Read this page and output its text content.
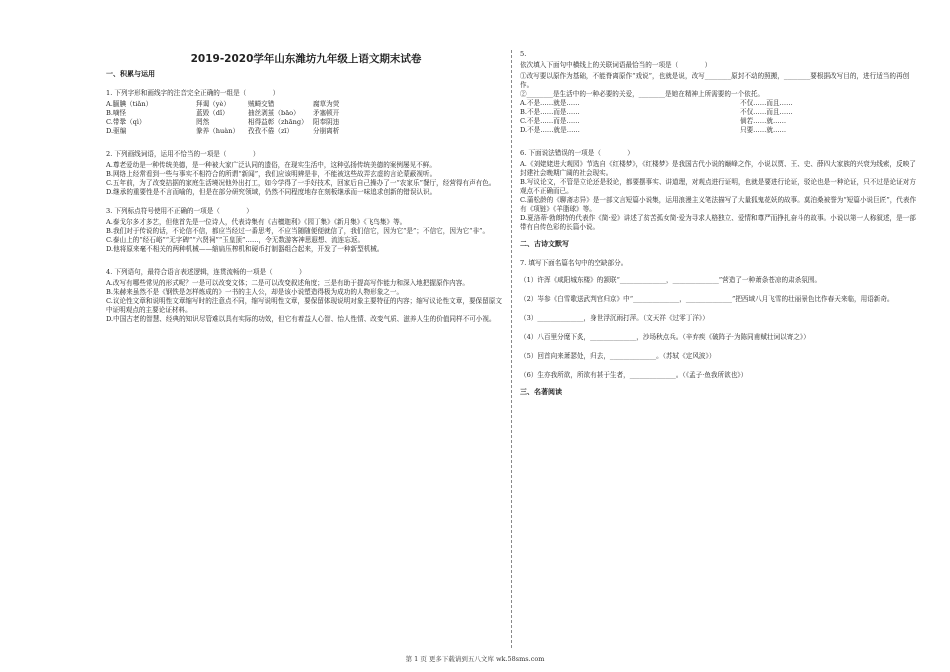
2019-2020学年山东潍坊九年级上语文期末试卷
一、积累与运用
1. 下列字形和画线字的注音完全正确的一组是（　　　　）
A.腼腆（tiǎn）	拜谒（yè）	贼畸交错	腐草为荧
B.嘀怪	蓝毁（dǐ）	抽丝剥茧（bāo）	矛塞顿开
C.带鞏（qì）	罔然	相得益彰（zhāng） 阳奉阴违
D.驱编	豢养（huàn）	孜孜不倦（zī）	分崩离析
2. 下列画线词语，运用不恰当的一项是（　　　　）
A.尊老爱幼是一种传统美德，是一种被大家广泛认同的遗俗，在现实生活中，这种弘扬传统美德的案例屡见不鲜。
B.网络上经常看到一些与事实不相符合的所谓“新闻”，我们应该明辨是非，不能被这些故弄玄虚的言论蒙蔽视听。
C.五年前，为了改变拮据的家庭生活境况他外出打工，如今学得了一手好技术，回家后自己操办了一“农家乐”餐厅，经营得有声有色。
D.继承的重要性是不言而喻的，但是在部分研究领域，仍然不同程度地存在刻板继承而一味追求创新的错误认识。
3. 下列标点符号使用不正确的一项是（　　　　）
A.泰戈尔多才多艺，但他首先是一位诗人，代表诗集有《吉檀迦利》《园丁集》《新月集》《飞鸟集》等。
B.我们对于传说的话，不论信不信，都应当经过一番思考，不应当随随便便就信了，我们信它，因为它“是”；不信它，因为它“非”。
C.泰山上的“经石峪”“无字碑”“六贤祠”“玉皇顶”……，令无数游客神思遐想、流连忘返。
D.他将原来毫不相关的两种机械——缩扁压榨机和硬币打制器组合起来，开发了一种新型机械。
4. 下列语句，最符合语言表述逻辑，连贯流畅的一项是（　　　　）
A.改写有哪些常见的形式呢？一是可以改变文体；二是可以改变叙述角度；三是有助于提高写作能力和深入地把握原作内容。
B.朱赫来虽然不是《钢铁是怎样炼成的》一书的主人公，却是该小说塑造得极为成功的人物形象之一。
C.议论性文章和说明性文章缩写时的注意点不同，缩写说明性文章，要保留体现说明对象主要特征的内容；缩写议论性文章，要保留原文中证明观点的主要论证材料。
D.中国古老的智慧、经典的知识尽管难以具有实际的功效，但它有着益人心智、怡人性情、改变气质、滋养人生的价值同样不可小视。
5.
依次填入下面句中横线上的关联词语最恰当的一项是（　　　　）
①改写要以原作为基础，不能脊离原作“戏说”，也就是说，改写________原封不动的照搬，________要根据改写目的，进行适当的再创作。
②________是生活中的一种必要的关爱，________是她在精神上所需要的一个依托。
A.不是……就是……	不仅……而且……
B.不是……而是……	不仅……而且……
C.不是……而是……	倘若……就……
D.不是……就是……	只要……就……
6. 下面说法错误的一项是（　　　　）
A.《刘姥姥进大观园》节选自《红楼梦》，《红楼梦》是我国古代小说的巅峰之作，小说以贾、王、史、薛四大家族的兴衰为线索，反映了封建社会晚期广阔的社会现实。
B.写议论文，不管是立论还是驳论，都要摆事实、讲道理，对观点进行证明，也就是要进行论证，驳论也是一种论证，只不过是论证对方观点不正确而已。
C.蒲松龄的《聊斋志异》是一部文言短篇小说集，运用浪漫主义笔法描写了大量狐鬼花妖的故事。莫泊桑被誉为“短篇小说巨匠”，代表作有《项链》《羊脂球》等。
D.夏洛蒂·勃朗特的代表作《简·爱》讲述了贫苦孤女简·爱为寻求人格独立、爱情和尊严而挣扎奋斗的故事。小说以第一人称叙述，是一部带有自传色彩的长篇小说。
二、古诗文默写
7. 填写下面名篇名句中的空缺部分。
（1）许浑《咸阳城东楼》的颔联“______________，______________”营造了一种萧条苍凉的肃杀氛围。
（2）岑参《白雪歌送武判官归京》中“______________，______________”把西域八月飞雪的壮丽景色比作春天来临，用语新奇。
（3）______________，身世浮沉雨打萍。（文天祥《过零丁洋》）
（4）八百里分麾下炙，______________，沙场秋点兵。（辛弃疾《破阵子·为陈同甫赋壮词以寄之》）
（5）回首向来萧瑟处，归去，______________。（苏轼《定风波》）
（6）生亦我所欲，所欲有甚于生者，______________。（《孟子·鱼我所欲也》）
三、名著阅读
第 1 页 更多下载请到五八文库 wk.58sms.com
